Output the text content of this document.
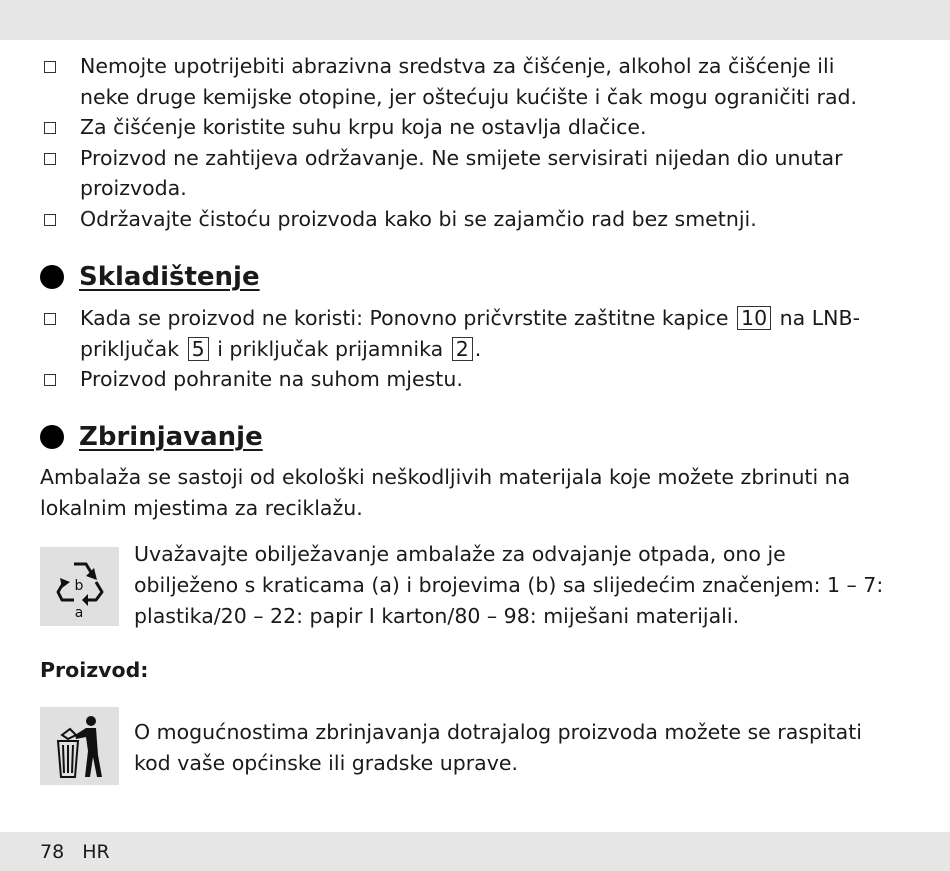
Nemojte upotrijebiti abrazivna sredstva za čišćenje, alkohol za čišćenje ili neke druge kemijske otopine, jer oštećuju kućište i čak mogu ograničiti rad.
Za čišćenje koristite suhu krpu koja ne ostavlja dlačice.
Proizvod ne zahtijeva održavanje. Ne smijete servisirati nijedan dio unutar proizvoda.
Održavajte čistoću proizvoda kako bi se zajamčio rad bez smetnji.
Skladištenje
Kada se proizvod ne koristi: Ponovno pričvrstite zaštitne kapice 10 na LNB-priključak 5 i priključak prijamnika 2 .
Proizvod pohranite na suhom mjestu.
Zbrinjavanje

Ambalaža se sastoji od ekološki neškodljivih materijala koje možete zbrinuti na lokalnim mjestima za reciklažu.

b
a

Uvažavajte obilježavanje ambalaže za odvajanje otpada, ono je obilježeno s kraticama (a) i brojevima (b) sa slijedećim značenjem: 1 – 7: plastika/20 – 22: papir I karton/80 – 98: miješani materijali.

Proizvod:

O mogućnostima zbrinjavanja dotrajalog proizvoda možete se raspitati kod vaše općinske ili gradske uprave.

78 HR
